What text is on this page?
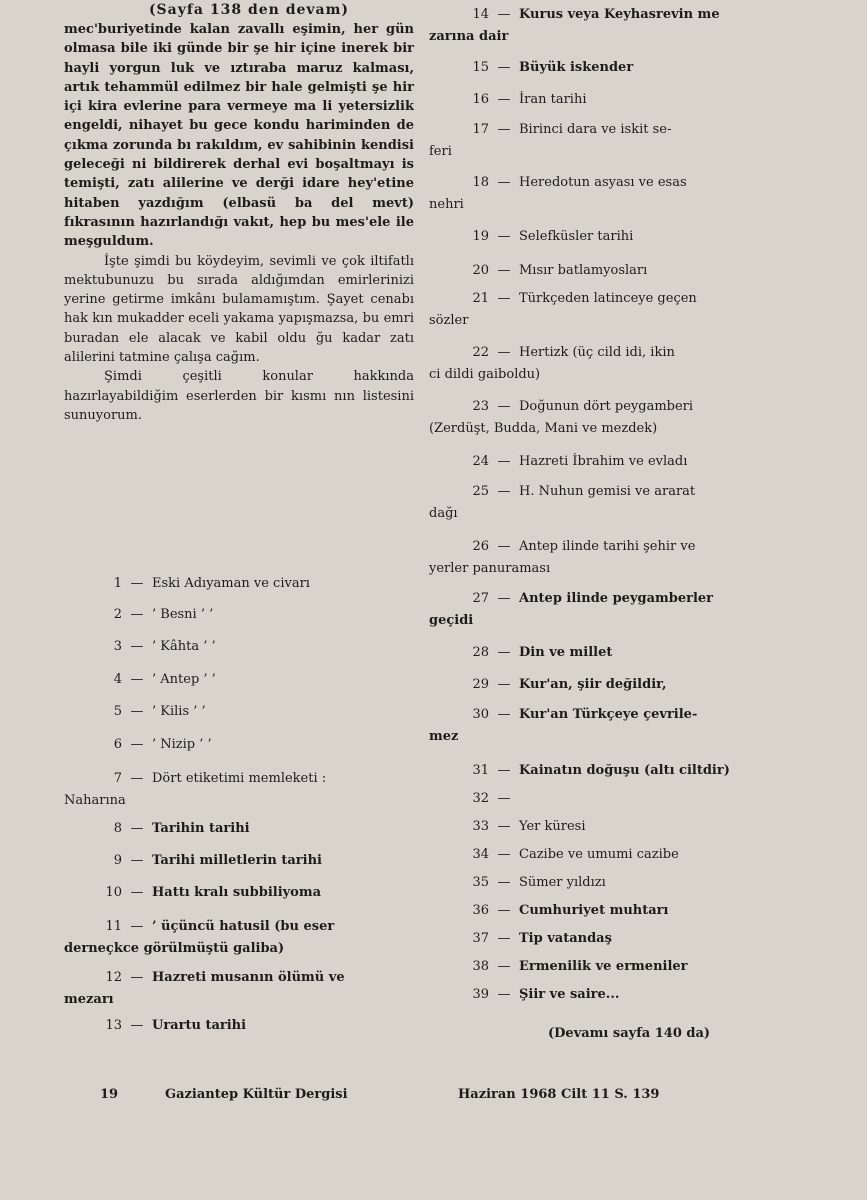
(Sayfa 138 den devam)

mec'buriyetinde kalan zavallı eşimin, her gün olmasa bile iki günde bir şe hir içine inerek bir hayli yorgun luk ve ıztıraba maruz kalması, artık tehammül edilmez bir hale gelmişti şe hir içi kira evlerine para vermeye ma li yetersizlik engeldi, nihayet bu gece kondu hariminden de çıkma zorunda bı rakıldım, ev sahibinin kendisi geleceği ni bildirerek derhal evi boşaltmayı is temişti, zatı alilerine ve derği idare hey'etine hitaben yazdığım (elbasü ba del mevt) fıkrasının hazırlandığı vakıt, hep bu mes'ele ile meşguldum.

İşte şimdi bu köydeyim, sevimli ve çok iltifatlı mektubunuzu bu sırada aldığımdan emirlerinizi yerine getirme imkânı bulamamıştım. Şayet cenabı hak kın mukadder eceli yakama yapışmazsa, bu emri buradan ele alacak ve kabil oldu ğu kadar zatı alilerini tatmine çalışa cağım.

Şimdi çeşitli konular hakkında hazırlayabildiğim eserlerden bir kısmı nın listesini sunuyorum.

1 — Eski Adıyaman ve civarı
2 — ’ Besni ’ ’
3 — ’ Kâhta ’ ’
4 — ’ Antep ’ ’
5 — ’ Kilis ’ ’
6 — ’ Nizip ’ ’
7 — Dört etiketimi memleketi :
Naharına
8 — Tarihin tarihi
9 — Tarihi milletlerin tarihi
10 — Hattı kralı subbiliyoma
11 — ’ üçüncü hatusil (bu eser
derneçkce görülmüştü galiba)
12 — Hazreti musanın ölümü ve
mezarı
13 — Urartu tarihi
14 — Kurus veya Keyhasrevin me
zarına dair
15 — Büyük iskender
16 — İran tarihi
17 — Birinci dara ve iskit se-
feri
18 — Heredotun asyası ve esas
nehri
19 — Selefküsler tarihi
20 — Mısır batlamyosları
21 — Türkçeden latinceye geçen
sözler
22 — Hertizk (üç cild idi, ikin
ci dildi gaiboldu)
23 — Doğunun dört peygamberi
(Zerdüşt, Budda, Mani ve mezdek)
24 — Hazreti İbrahim ve evladı
25 — H. Nuhun gemisi ve ararat
dağı
26 — Antep ilinde tarihi şehir ve
yerler panuraması
27 — Antep ilinde peygamberler
geçidi
28 — Din ve millet
29 — Kur'an, şiir değildir,
30 — Kur'an Türkçeye çevrile-
mez
31 — Kainatın doğuşu (altı ciltdir)
32 —
33 — Yer küresi
34 — Cazibe ve umumi cazibe
35 — Sümer yıldızı
36 — Cumhuriyet muhtarı
37 — Tip vatandaş
38 — Ermenilik ve ermeniler
39 — Şiir ve saire...
(Devamı sayfa 140 da)
19	Gaziantep Kültür Dergisi	Haziran 1968 Cilt 11 S. 139
